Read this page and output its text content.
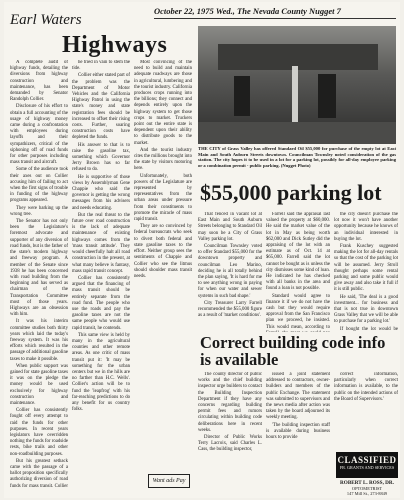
Earl Waters
October 22, 1975 Wed., The Nevada County Nugget 7
Highways

A complete audit of highway funds, detailing the diversions from highway construction and maintenance, has been demanded by Senator Randolph Collier.

Disclosure of his effort to obtain a full accounting of the usage of highway money came during a confrontation with employees during layoffs and their sympathizers, critical of the siphoning off of road funds for other purposes including mass transit and aircraft.

Some of the audience took their axes out on Collier accusing him of failing to act when the first signs of trouble in funding of the highway programs appeared.

They were barking up the wrong tree.

The Senator has not only been the Legislature's foremost advocate and supporter of any diversion of road funds, but is the father of the state's modern highway and freeway program. A member of the Senate since 1938 he has been concerned with road building from the beginning and has served as chairman of the Transportation Committee most of those years. Highways are an obsession with him.

It was his interim committee studies both thirty years which laid the today's freeway system. It was his efforts which resulted in the passage of additional gasoline taxes to make it possible.

When public support was gained for state gasoline taxes it was on the pledge the money would be used exclusively for highway construction and maintenance.

Collier has consistently fought off every attempt to raid the funds for other purposes. In recent years legislators have overridden nothing the funds for roadside rests, bike trails and other non-roadbuilding purposes.

But his greatest setback came with the passage of a ballot proposition specifically authorizing diversion of road funds for mass transit. Collier

he tried in vain to stem the tide.

Collier either stated part of the problem was the Department of Motor Vehicles and the California Highway Patrol in using the state's money and state registration fees should be increased to offset their rising costs. Further, soaring construction costs have depleted the funds.

His answer to that is to raise the gasoline tax, something which Governor Jerry Brown has so far refused to do.

He is supportive of those views by Assemblyman Gene Chappie who said the governor is getting the wrong messages from his advisers and needs educating.

But the real threat to the future over road construction is the lack of adequate maintenance of existing highways comes from the 'mass transit attitude'. They would cheerfully halt all road construction in the present, at what many believe is fantasy, mass rapid transit concept.

Collier has consistently argued that the financing of mass transit should be entirely separate from the road fund. The people who use the roads and pay the gasoline taxes are not the same people who would use rapid transit, he contends.

This same view is held by many in the agricultural counties and other remote areas. As one critic of mass transit put it: 'It may be something for the urban centers but we in the hills are no farther than H.C. Wells'. Collier's action will be to fund the 'leapfrog' with his far-reaching predictions to do any benefit for us country folks.

Most convincing of the need to build and maintain adequate roadways are those in agricultural, lumbering and the tourist industry. California produces crops running into the billions; they connect and depends entirely upon the highway system to get those crops to market. Truckers point out the entire state is dependent upon their ability to distribute goods to the market.

And the tourist industry cites the millions brought into the state by visitors motoring here.

Unfortunately, both powers of the Legislature are represented by representatives from the urban areas under pressure from their constituents to promote the miracle of mass rapid transit.

They are so convinced by federal bureaucrats who seek to divert both federal and state gasoline taxes to the effort. Neither group sees the sentiments of Chappie and Collier who see the litmus should shoulder mass transit needs.

Want ads Pay
THE CITY of Grass Valley has offered Standard Oil $55,000 for purchase of the empty lot at East Main and South Auburn Streets downtown. Councilman Townsley noted consideration of the gas station. The city hopes it to be used in a lot for a parking lot, possibly for all-day employee parking or a combination permit - public parking. (Nugget Photo)
$55,000 parking lot

That fenced in vacant lot at East Main and South Auburn Streets belonging to Standard Oil may soon be a City of Grass Valley parking lot.

Councilman Townsley voted to offer Standard $55,000 for the downtown property and councilman Leo Marino, deciding he is all totally behind the plan saying, 'It is hard for me to see anything wrong in paying for when our water and sewer systems in such bad shape.'

City Treasurer Larry Farrell recommended the $55,000 figure as a result of 'market conditions'.

Farrell said the appraisal last valued the property at $60,000. He said the market value of the lot in May as being worth $62,000 and Dick Sutley did the appraising of the lot with an estimate as of Oct. 14 at $65,000. Farrell said the lot cannot be bought as is unless the city dismisses some kind of loan. He indicated he has checked with all banks in the area and found a loan is not possible.

Standard would agree to finance it if we do not have the cash but they would require approval from the San Francisco plan we proceed, he insisted. This would mean, according to

the city doesn't purchase the lot now it won't have another opportunity because he knows of an individual interested in buying the lot.

Frank Kuschey suggested making the lot for all-day rentals so that the cost of the parking lot will be assumed. Jerry Stroll thought perhaps some rental parking and some public would give away and also take it full if it is still public.

He said, 'The deal is a good investment... for business and that is not true in downtown Grass Valley that we will be able to purchase for a parking lot.'

If bought the lot would be

Correct building code info is available

The county director of public works and the chief building inspector urge builders to contact the Building Inspection Department if they have any concerns regarding building permit fees and rumors circulating within building code deliberations here in recent weeks.

Director of Public Works Terry Lacroix, said Charles L. Cass, the building inspector,

issued a joint statement addressed to contractors, owner-builders and members of the public Exchange. The statement was submitted to supervisors and the news media after action was taken by the board adjourned its weekly meeting.

'The building inspection staff is available during business hours to provide

correct information, particularly when correct information is available, to the public on the intended actions of the Board of Supervisors.'

CLASSIFIED
FR. GRANTS AND SERVICES
ROBERT L. ROSS, DR.
OPTOMETRIST
147 Mill St., 273-8849
